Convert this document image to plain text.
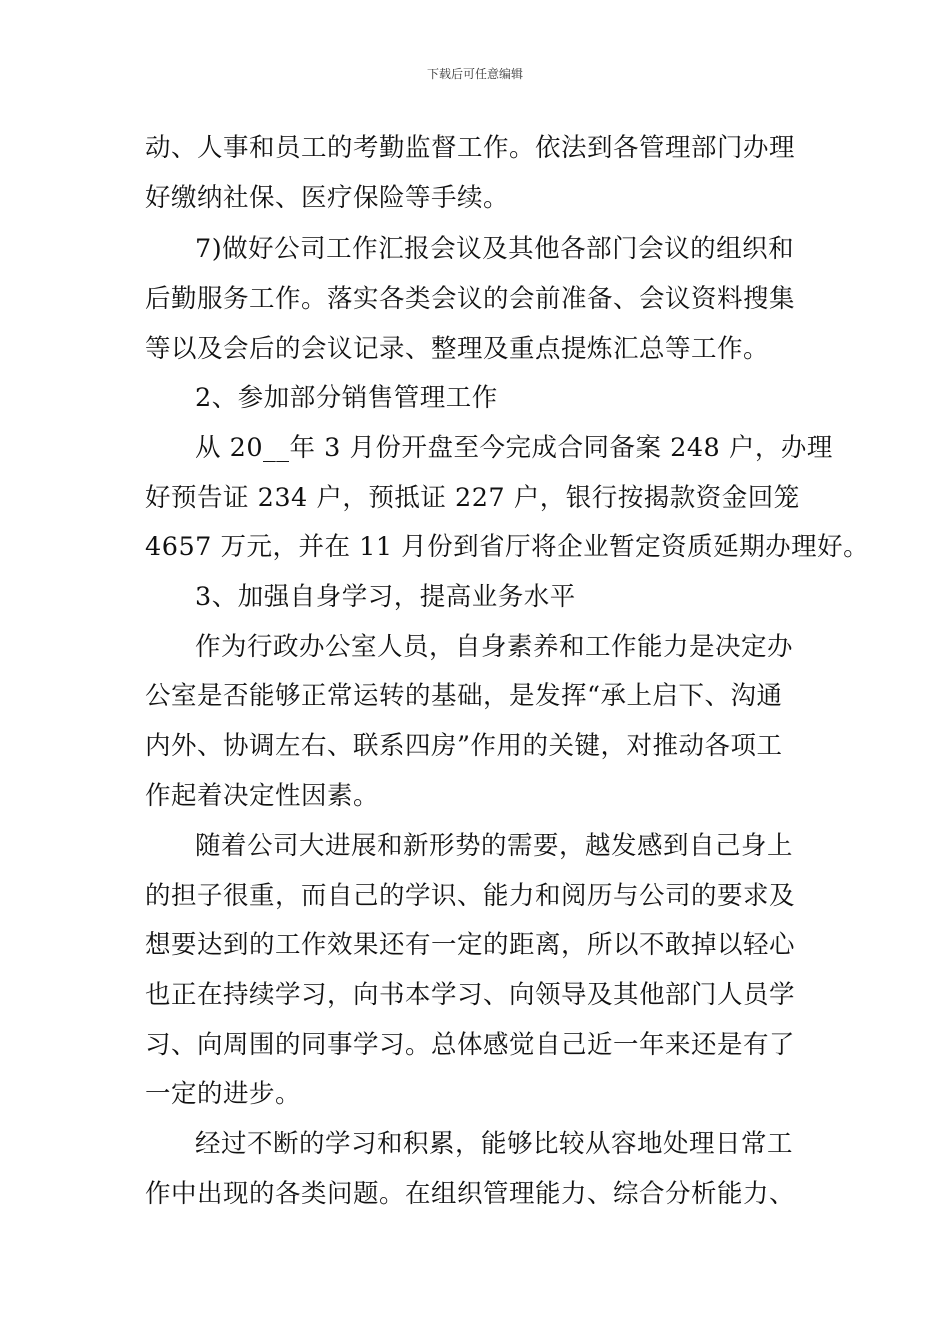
下载后可任意编辑
动、人事和员工的考勤监督工作。依法到各管理部门办理
好缴纳社保、医疗保险等手续。
7)做好公司工作汇报会议及其他各部门会议的组织和
后勤服务工作。落实各类会议的会前准备、会议资料搜集
等以及会后的会议记录、整理及重点提炼汇总等工作。
2、参加部分销售管理工作
从 20__年 3 月份开盘至今完成合同备案 248 户，办理
好预告证 234 户，预抵证 227 户，银行按揭款资金回笼
4657 万元，并在 11 月份到省厅将企业暂定资质延期办理好。
3、加强自身学习，提高业务水平
作为行政办公室人员，自身素养和工作能力是决定办
公室是否能够正常运转的基础，是发挥“承上启下、沟通
内外、协调左右、联系四房”作用的关键，对推动各项工
作起着决定性因素。
随着公司大进展和新形势的需要，越发感到自己身上
的担子很重，而自己的学识、能力和阅历与公司的要求及
想要达到的工作效果还有一定的距离，所以不敢掉以轻心
也正在持续学习，向书本学习、向领导及其他部门人员学
习、向周围的同事学习。总体感觉自己近一年来还是有了
一定的进步。
经过不断的学习和积累，能够比较从容地处理日常工
作中出现的各类问题。在组织管理能力、综合分析能力、
